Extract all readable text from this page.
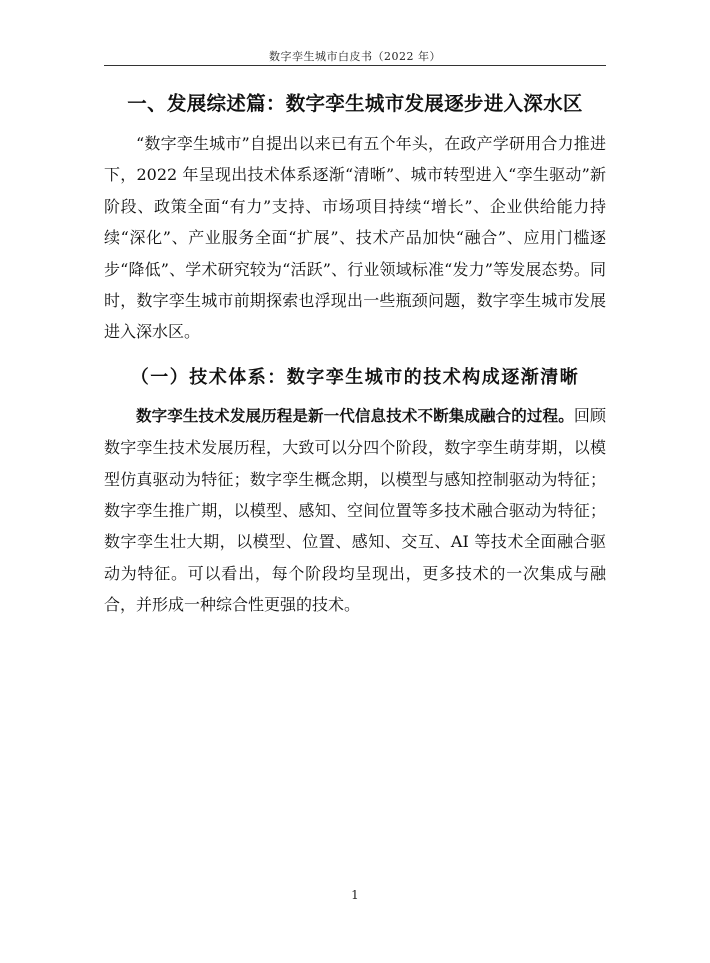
数字孪生城市白皮书（2022 年）
一、发展综述篇：数字孪生城市发展逐步进入深水区

“数字孪生城市”自提出以来已有五个年头，在政产学研用合力推进下，2022 年呈现出技术体系逐渐“清晰”、城市转型进入“孪生驱动”新阶段、政策全面“有力”支持、市场项目持续“增长”、企业供给能力持续“深化”、产业服务全面“扩展”、技术产品加快“融合”、应用门槛逐步“降低”、学术研究较为“活跃”、行业领域标准“发力”等发展态势。同时，数字孪生城市前期探索也浮现出一些瓶颈问题，数字孪生城市发展进入深水区。

（一）技术体系：数字孪生城市的技术构成逐渐清晰

数字孪生技术发展历程是新一代信息技术不断集成融合的过程。回顾数字孪生技术发展历程，大致可以分四个阶段，数字孪生萌芽期，以模型仿真驱动为特征；数字孪生概念期，以模型与感知控制驱动为特征；数字孪生推广期，以模型、感知、空间位置等多技术融合驱动为特征；数字孪生壮大期，以模型、位置、感知、交互、AI 等技术全面融合驱动为特征。可以看出，每个阶段均呈现出，更多技术的一次集成与融合，并形成一种综合性更强的技术。

1
